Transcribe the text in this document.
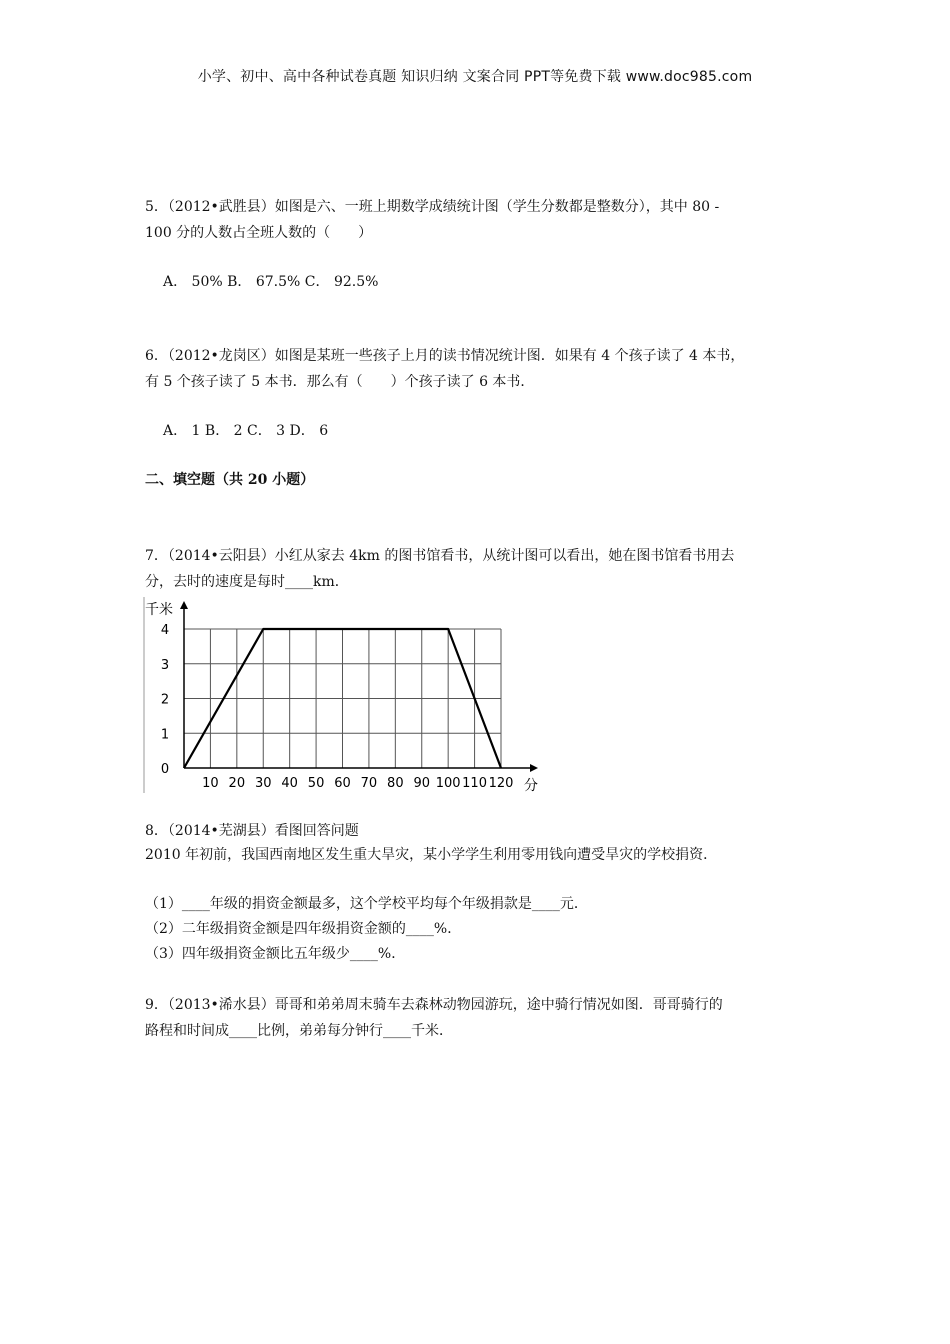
小学、初中、高中各种试卷真题 知识归纳 文案合同 PPT等免费下载 www.doc985.com
5．（2012•武胜县）如图是六、一班上期数学成绩统计图（学生分数都是整数分），其中 80 -
100 分的人数占全班人数的（　　）
A． 50% B． 67.5% C． 92.5%
6．（2012•龙岗区）如图是某班一些孩子上月的读书情况统计图．如果有 4 个孩子读了 4 本书，
有 5 个孩子读了 5 本书．那么有（　　）个孩子读了 6 本书．
A． 1 B． 2 C． 3 D． 6
二、填空题（共 20 小题）
7．（2014•云阳县）小红从家去 4km 的图书馆看书，从统计图可以看出，她在图书馆看书用去
分，去时的速度是每时____km．
10 20 30 40 50 60 70 80 90 100 110 120
0
1
2
3
4
千米
分
8．（2014•芜湖县）看图回答问题
2010 年初前，我国西南地区发生重大旱灾，某小学学生利用零用钱向遭受旱灾的学校捐资．
（1）____年级的捐资金额最多，这个学校平均每个年级捐款是____元．
（2）二年级捐资金额是四年级捐资金额的____%．
（3）四年级捐资金额比五年级少____%．
9．（2013•浠水县）哥哥和弟弟周末骑车去森林动物园游玩，途中骑行情况如图．哥哥骑行的
路程和时间成____比例，弟弟每分钟行____千米．
